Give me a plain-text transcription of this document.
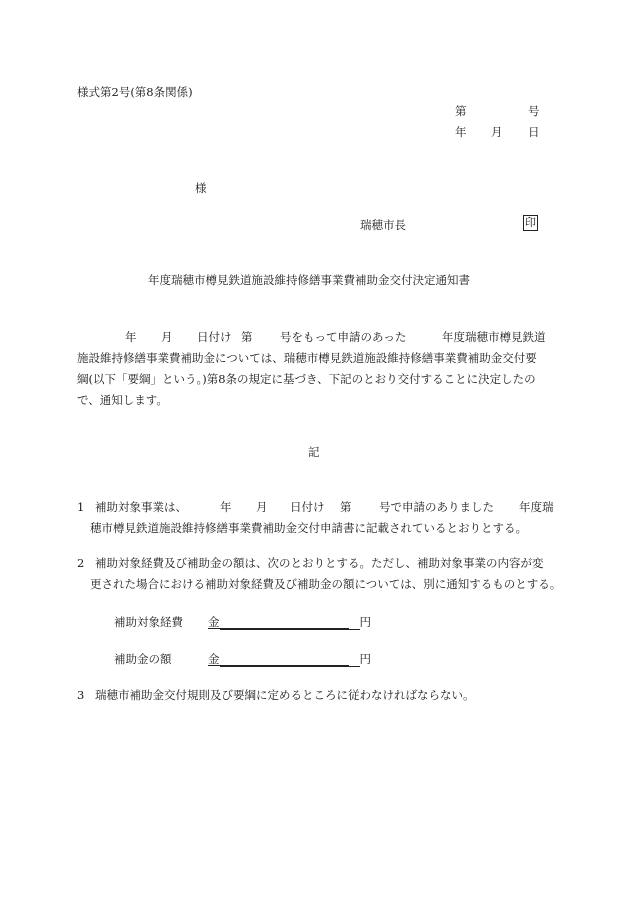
様式第2号(第8条関係)
第	号
年 月 日
様
瑞穂市長	印
年度瑞穂市樽見鉄道施設維持修繕事業費補助金交付決定通知書
年 月 日付け 第 号をもって申請のあった	年度瑞穂市樽見鉄道
施設維持修繕事業費補助金については、瑞穂市樽見鉄道施設維持修繕事業費補助金交付要
綱(以下「要綱」という。)第8条の規定に基づき、下記のとおり交付することに決定したの
で、通知します。
記
1 補助対象事業は、	年 月 日付け 第 号で申請のありました 年度瑞
穂市樽見鉄道施設維持修繕事業費補助金交付申請書に記載されているとおりとする。
2 補助対象経費及び補助金の額は、次のとおりとする。ただし、補助対象事業の内容が変
更された場合における補助対象経費及び補助金の額については、別に通知するものとする。
補助対象経費 金	円
補助金の額	金	円
3 瑞穂市補助金交付規則及び要綱に定めるところに従わなければならない。
